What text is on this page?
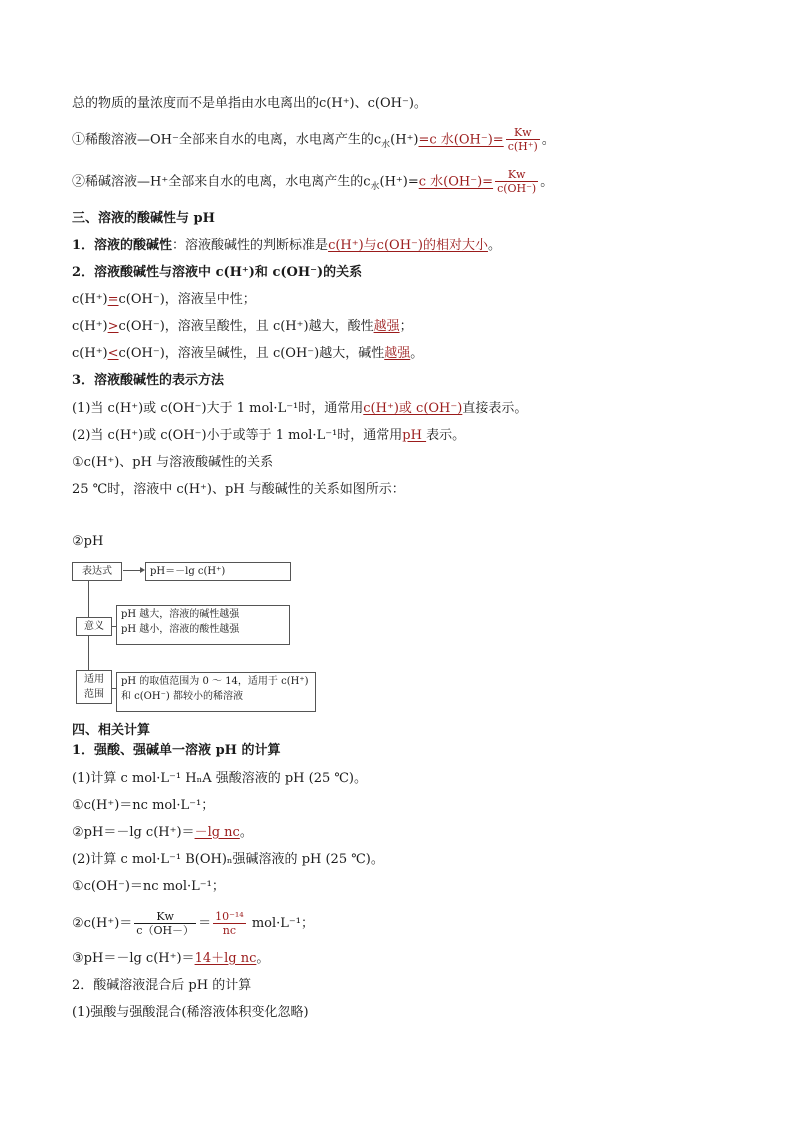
总的物质的量浓度而不是单指由水电离出的c(H⁺)、c(OH⁻)。
①稀酸溶液—OH⁻全部来自水的电离，水电离产生的$c_水(H^+)=c$ 水$(OH^-)= \frac{Kw}{c(H^+)}$ 。
②稀碱溶液—H⁺全部来自水的电离，水电离产生的$c_水(H^+)=c$ 水$(OH^-)= \frac{Kw}{c(OH^-)}$ 。
三、溶液的酸碱性与 pH
1．溶液的酸碱性：溶液酸碱性的判断标准是c(H⁺)与c(OH⁻)的相对大小。
2．溶液酸碱性与溶液中 c(H⁺)和 c(OH⁻)的关系
c(H⁺)=c(OH⁻)，溶液呈中性；
c(H⁺)>c(OH⁻)，溶液呈酸性，且 c(H⁺)越大，酸性越强；
c(H⁺)<c(OH⁻)，溶液呈碱性，且 c(OH⁻)越大，碱性越强。
3．溶液酸碱性的表示方法
(1)当 c(H⁺)或 c(OH⁻)大于 1 mol·L⁻¹时，通常用c(H⁺)或 c(OH⁻)直接表示。
(2)当 c(H⁺)或 c(OH⁻)小于或等于 1 mol·L⁻¹时，通常用pH 表示。
①c(H⁺)、pH 与溶液酸碱性的关系
25 ℃时，溶液中 c(H⁺)、pH 与酸碱性的关系如图所示：
②pH
表达式	pH＝－lg c(H⁺)
意义
pH 越大，溶液的碱性越强
pH 越小，溶液的酸性越强
适用
范围
pH 的取值范围为 0 ～ 14，适用于 c(H⁺)
和 c(OH⁻) 都较小的稀溶液
四、相关计算
1．强酸、强碱单一溶液 pH 的计算
(1)计算 c mol·L⁻¹ HₙA 强酸溶液的 pH (25 ℃)。
①c(H⁺)＝nc mol·L⁻¹；
②pH＝－lg c(H⁺)＝－lg nc。
(2)计算 c mol·L⁻¹ B(OH)ₙ强碱溶液的 pH (25 ℃)。
①c(OH⁻)＝nc mol·L⁻¹；
②c(H⁺)＝ $\frac{Kw}{c(OH-)} = \frac{\text{10⁻¹⁴}}{nc} mol\cdot L^{-1}$；
③pH＝－lg c(H⁺)＝14＋lg nc。
2．酸碱溶液混合后 pH 的计算
(1)强酸与强酸混合(稀溶液体积变化忽略)
